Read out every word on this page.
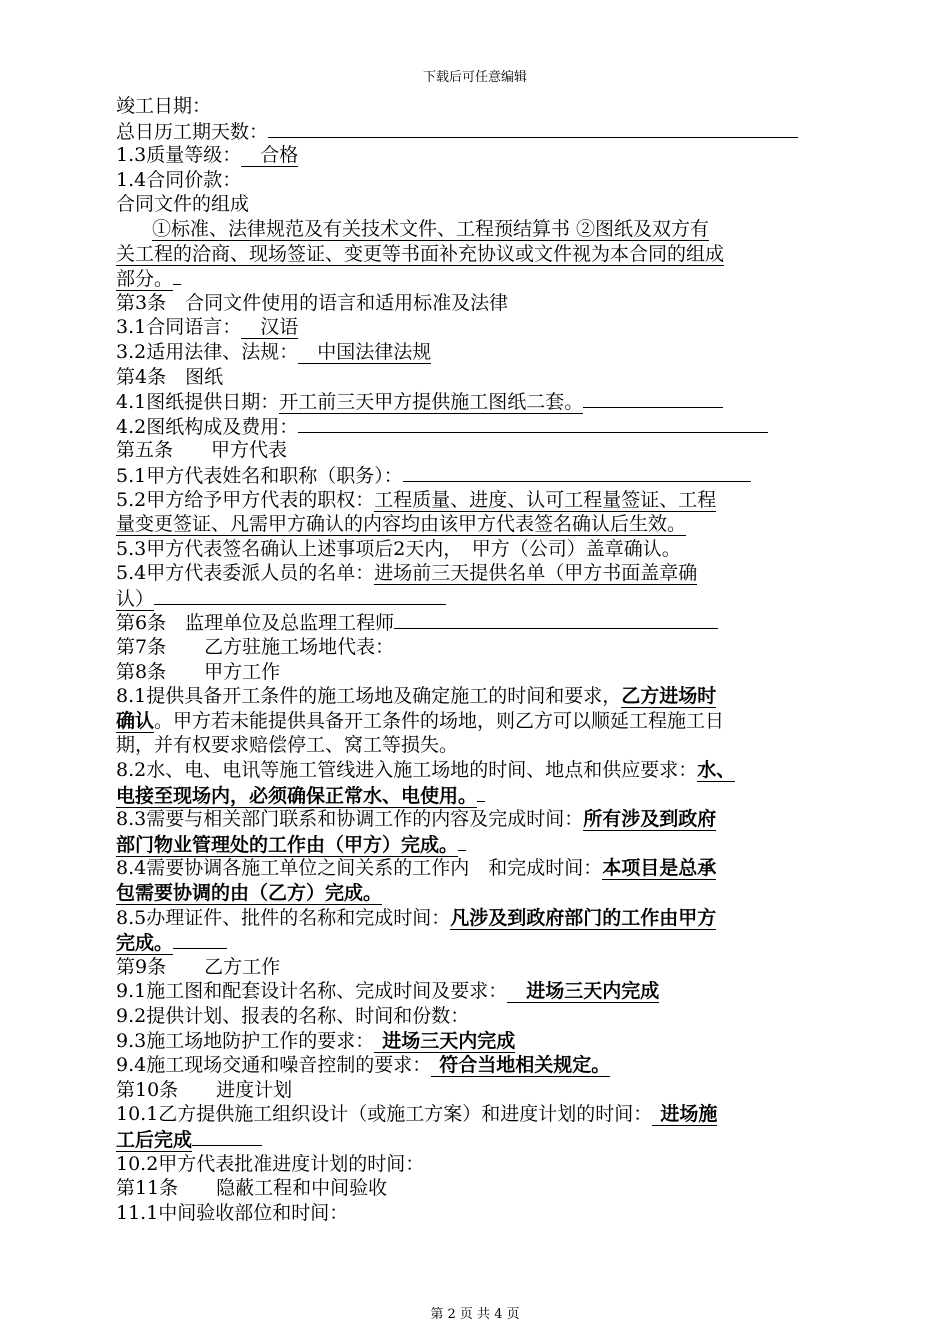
下载后可任意编辑
竣工日期：
总日历工期天数：
1.3质量等级：　合格
1.4合同价款：
合同文件的组成
①标准、法律规范及有关技术文件、工程预结算书 ②图纸及双方有
关工程的洽商、现场签证、变更等书面补充协议或文件视为本合同的组成
部分。
第3条　合同文件使用的语言和适用标准及法律
3.1合同语言：　汉语
3.2适用法律、法规：　中国法律法规
第4条　图纸
4.1图纸提供日期：开工前三天甲方提供施工图纸二套。
4.2图纸构成及费用：
第五条　　甲方代表
5.1甲方代表姓名和职称（职务）：
5.2甲方给予甲方代表的职权：工程质量、进度、认可工程量签证、工程
量变更签证、凡需甲方确认的内容均由该甲方代表签名确认后生效。
5.3甲方代表签名确认上述事项后2天内，　甲方（公司）盖章确认。
5.4甲方代表委派人员的名单：进场前三天提供名单（甲方书面盖章确
认）
第6条　监理单位及总监理工程师
第7条　　乙方驻施工场地代表：
第8条　　甲方工作
8.1提供具备开工条件的施工场地及确定施工的时间和要求，乙方进场时
确认。甲方若未能提供具备开工条件的场地，则乙方可以顺延工程施工日
期，并有权要求赔偿停工、窝工等损失。
8.2水、电、电讯等施工管线进入施工场地的时间、地点和供应要求：水、
电接至现场内，必须确保正常水、电使用。
8.3需要与相关部门联系和协调工作的内容及完成时间：所有涉及到政府
部门物业管理处的工作由（甲方）完成。
8.4需要协调各施工单位之间关系的工作内　和完成时间：本项目是总承
包需要协调的由（乙方）完成。
8.5办理证件、批件的名称和完成时间：凡涉及到政府部门的工作由甲方
完成。
第9条　　乙方工作
9.1施工图和配套设计名称、完成时间及要求：　进场三天内完成
9.2提供计划、报表的名称、时间和份数：
9.3施工场地防护工作的要求： 进场三天内完成
9.4施工现场交通和噪音控制的要求： 符合当地相关规定。
第10条　　进度计划
10.1乙方提供施工组织设计（或施工方案）和进度计划的时间： 进场施
工后完成
10.2甲方代表批准进度计划的时间：
第11条　　隐蔽工程和中间验收
11.1中间验收部位和时间：
第 2 页 共 4 页
